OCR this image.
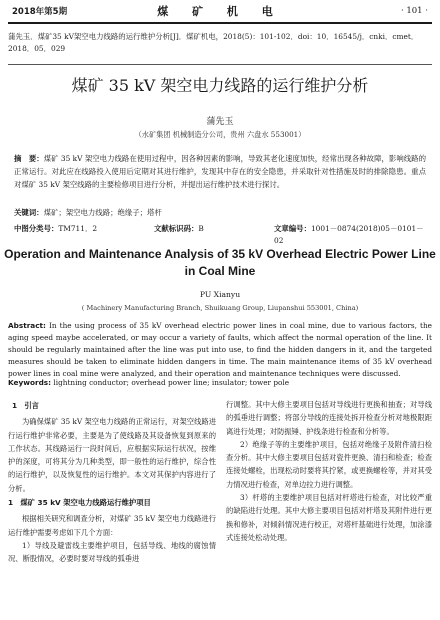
2018年第5期	煤 矿 机 电	· 101 ·
蒲先玉．煤矿35 kV架空电力线路的运行维护分析[J]．煤矿机电，2018(5)：101-102．doi：10．16545/j．cnki．cmet．2018．05．029
煤矿 35 kV 架空电力线路的运行维护分析
蒲先玉
（水矿集团 机械制造分公司，贵州 六盘水 553001）
摘　要：煤矿 35 kV 架空电力线路在使用过程中，因各种因素的影响，导致其老化速度加快，经常出现各种故障，影响线路的正常运行。对此应在线路投入使用后定期对其进行维护，发现其中存在的安全隐患，并采取针对性措施及时的排除隐患。重点对煤矿 35 kV 架空线路的主要检修项目进行分析，并提出运行维护技术进行探讨。
关键词：煤矿；架空电力线路；绝缘子；塔杆
中图分类号：TM711．2	文献标识码：B	文章编号：1001－0874(2018)05－0101－02
Operation and Maintenance Analysis of 35 kV Overhead Electric Power Line in Coal Mine
PU Xianyu
( Machinery Manufacturing Branch, Shuikuang Group, Liupanshui 553001, China)
Abstract: In the using process of 35 kV overhead electric power lines in coal mine, due to various factors, the aging speed maybe accelerated, or may occur a variety of faults, which affect the normal operation of the line. It should be regularly maintained after the line was put into use, to find the hidden dangers in it, and the targeted measures should be taken to eliminate hidden dangers in time. The main maintenance items of 35 kV overhead power lines in coal mine were analyzed, and their operation and maintenance techniques were discussed.
Keywords: lightning conductor; overhead power line; insulator; tower pole
1　引言
为确保煤矿 35 kV 架空电力线路的正常运行，对架空线路进行运行维护非常必要，主要是为了使线路及其设备恢复到原来的工作状态。其线路运行一段时间后，应根据实际运行状况，按维护的深度，可将其分为几种类型，即一般性的运行维护，综合性的运行维护，以及恢复性的运行维护。本文对其保护内容进行了分析。
1　煤矿 35 kV 架空电力线路运行维护项目
根据相关研究和调查分析，对煤矿 35 kV 架空电力线路进行运行维护需要考虑如下几个方面：
1）导线及避雷线主要维护项目，包括导线、地线的腐蚀情况、断股情况，必要时要对导线的弧垂进
行调整。其中大修主要项目包括对导线进行更换和抽查；对导线的弧垂进行调整；将部分导线的连接处拆开检查分析对地极限距离进行处理；对防振锤、护线条进行检查和分析等。
2）绝缘子等的主要维护项目，包括对绝缘子及附件清扫检查分析。其中大修主要项目包括对瓷件更换、清扫和检查；检查连接处螺栓，出现松动时要将其拧紧，或更换螺栓等，并对其受力情况进行检查，对单边拉力进行调整。
3）杆塔的主要维护项目包括对杆塔进行检查，对比较严重的缺陷进行处理。其中大修主要项目包括对杆塔及其附件进行更换和修补，对倾斜情况进行校正，对塔杆基础进行处理，加涂漆式连接处松动处理。
